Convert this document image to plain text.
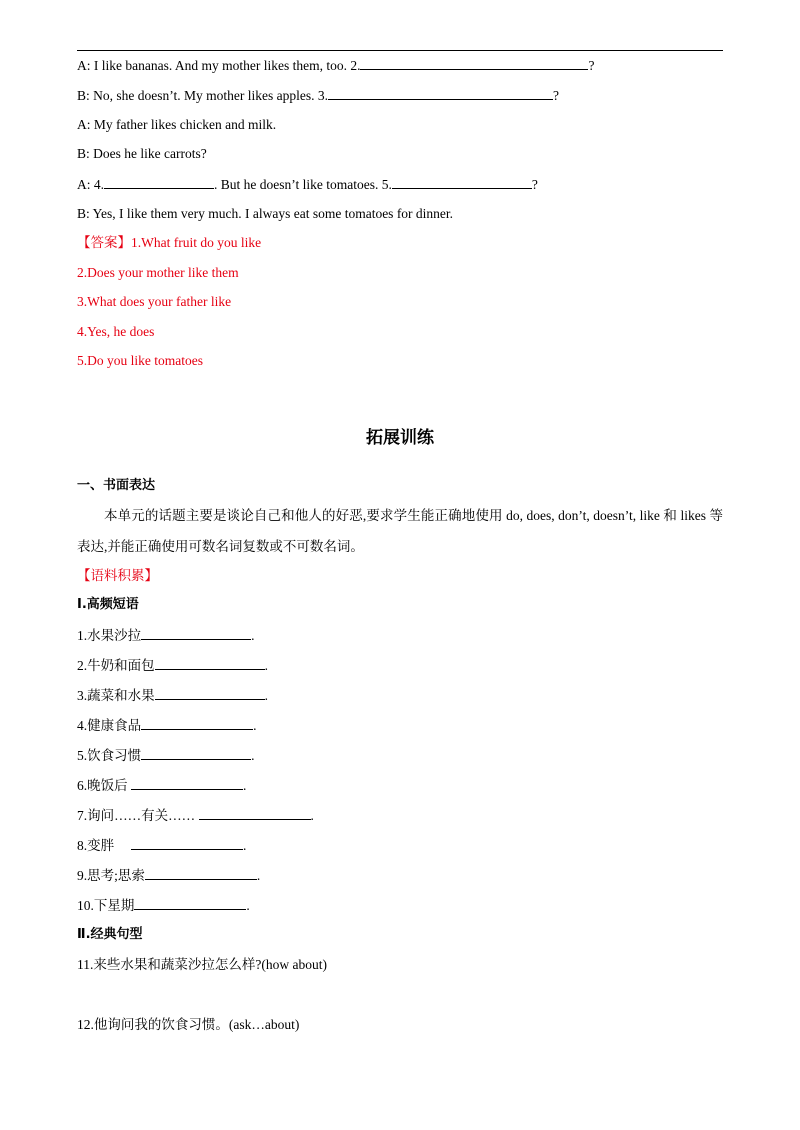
A: I like bananas. And my mother likes them, too. 2.	?
B: No, she doesn’t. My mother likes apples. 3.	?
A: My father likes chicken and milk.
B: Does he like carrots?
A: 4.	. But he doesn’t like tomatoes. 5.	?
B: Yes, I like them very much. I always eat some tomatoes for dinner.
【答案】1.What fruit do you like
2.Does your mother like them
3.What does your father like
4.Yes, he does
5.Do you like tomatoes
拓展训练
一、书面表达
本单元的话题主要是谈论自己和他人的好恶,要求学生能正确地使用 do, does, don’t, doesn’t, like 和 likes 等表达,并能正确使用可数名词复数或不可数名词。
【语料积累】
Ⅰ.高频短语
1.水果沙拉	.
2.牛奶和面包	.
3.蔬菜和水果	.
4.健康食品	.
5.饮食习惯	.
6.晚饭后	.
7.询问……有关……	.
8.变胖　	.
9.思考;思索	.
10.下星期	.
Ⅱ.经典句型
11.来些水果和蔬菜沙拉怎么样?(how about)
12.他询问我的饮食习惯。(ask…about)
